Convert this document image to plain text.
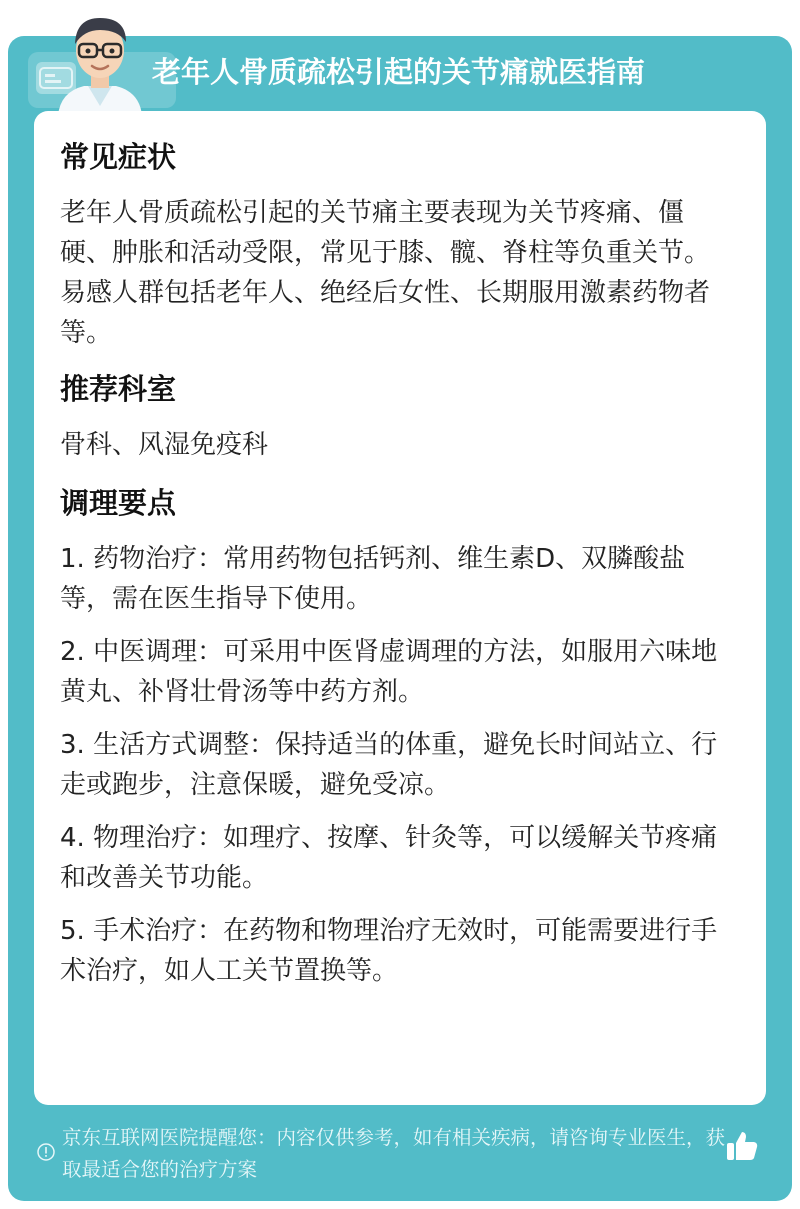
老年人骨质疏松引起的关节痛就医指南
常见症状

老年人骨质疏松引起的关节痛主要表现为关节疼痛、僵硬、肿胀和活动受限，常见于膝、髋、脊柱等负重关节。易感人群包括老年人、绝经后女性、长期服用激素药物者等。

推荐科室

骨科、风湿免疫科

调理要点

1. 药物治疗：常用药物包括钙剂、维生素D、双膦酸盐等，需在医生指导下使用。

2. 中医调理：可采用中医肾虚调理的方法，如服用六味地黄丸、补肾壮骨汤等中药方剂。

3. 生活方式调整：保持适当的体重，避免长时间站立、行走或跑步，注意保暖，避免受凉。

4. 物理治疗：如理疗、按摩、针灸等，可以缓解关节疼痛和改善关节功能。

5. 手术治疗：在药物和物理治疗无效时，可能需要进行手术治疗，如人工关节置换等。

京东互联网医院提醒您：内容仅供参考，如有相关疾病，请咨询专业医生，获取最适合您的治疗方案
